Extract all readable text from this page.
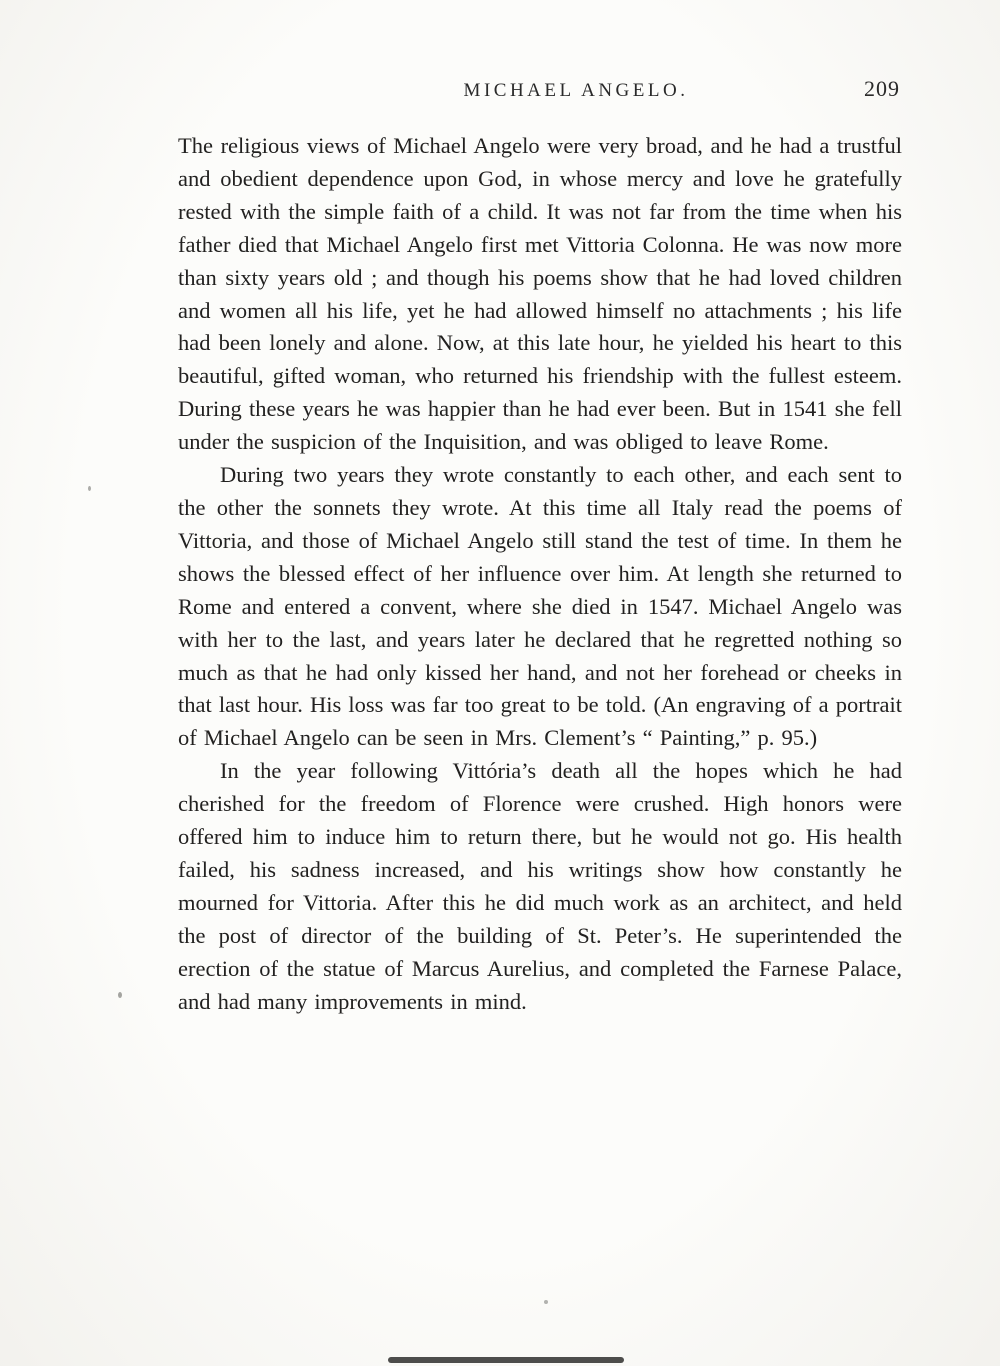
MICHAEL ANGELO.	209

The religious views of Michael Angelo were very broad, and he had a trustful and obedient dependence upon God, in whose mercy and love he gratefully rested with the simple faith of a child. It was not far from the time when his father died that Michael Angelo first met Vittoria Colonna. He was now more than sixty years old ; and though his poems show that he had loved children and women all his life, yet he had allowed himself no attachments ; his life had been lonely and alone. Now, at this late hour, he yielded his heart to this beautiful, gifted woman, who returned his friendship with the fullest esteem. During these years he was happier than he had ever been. But in 1541 she fell under the suspicion of the Inquisition, and was obliged to leave Rome.

During two years they wrote constantly to each other, and each sent to the other the sonnets they wrote. At this time all Italy read the poems of Vittoria, and those of Michael Angelo still stand the test of time. In them he shows the blessed effect of her influence over him. At length she returned to Rome and entered a convent, where she died in 1547. Michael Angelo was with her to the last, and years later he declared that he regretted nothing so much as that he had only kissed her hand, and not her forehead or cheeks in that last hour. His loss was far too great to be told. (An engraving of a portrait of Michael Angelo can be seen in Mrs. Clement’s “ Painting,” p. 95.)

In the year following Vittória’s death all the hopes which he had cherished for the freedom of Florence were crushed. High honors were offered him to induce him to return there, but he would not go. His health failed, his sadness increased, and his writings show how constantly he mourned for Vittoria. After this he did much work as an architect, and held the post of director of the building of St. Peter’s. He superintended the erection of the statue of Marcus Aurelius, and completed the Farnese Palace, and had many improvements in mind.
